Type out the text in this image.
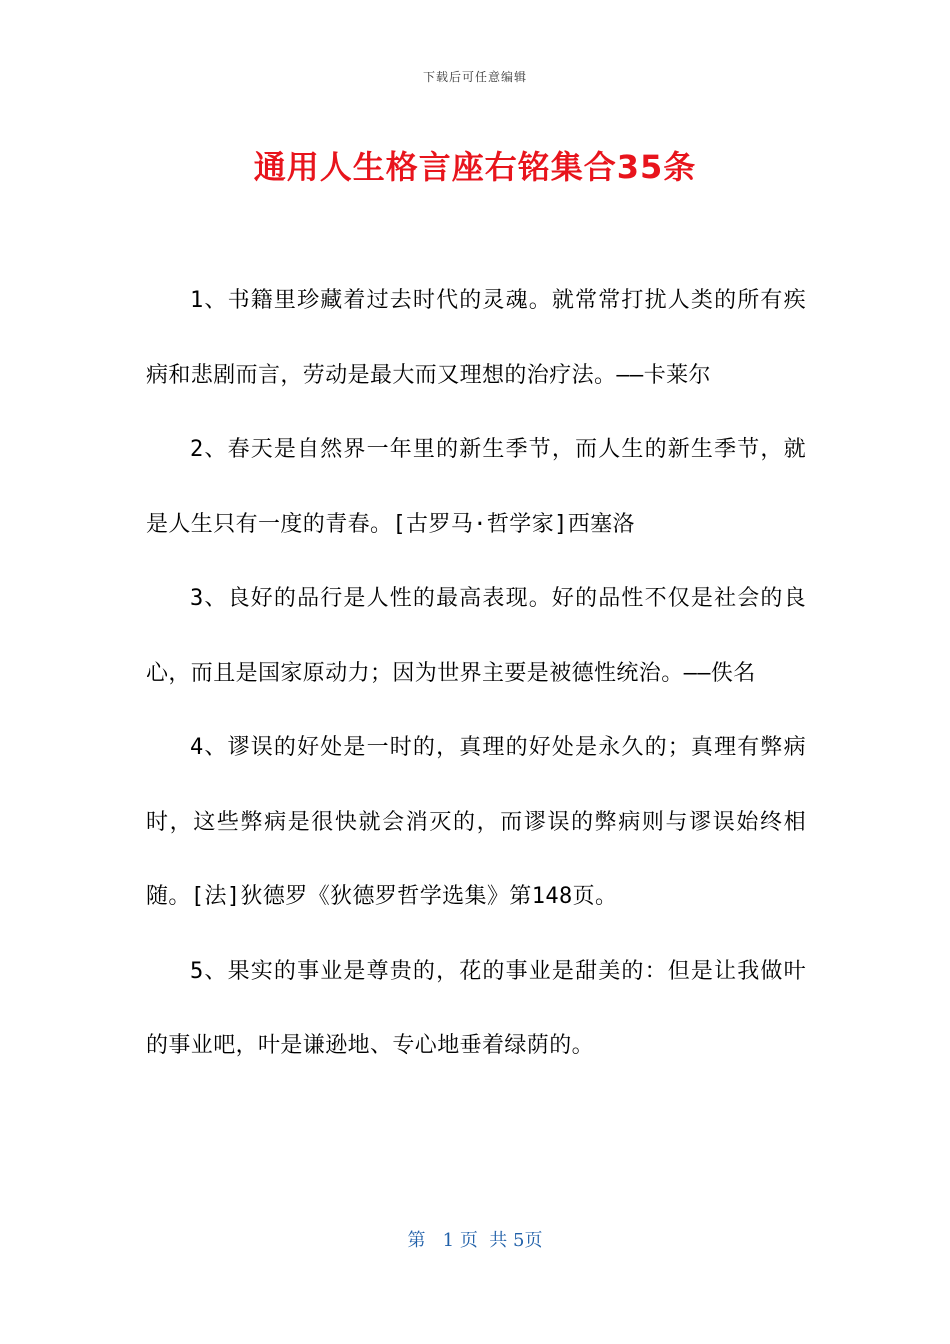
下载后可任意编辑
通用人生格言座右铭集合35条

1、书籍里珍藏着过去时代的灵魂。就常常打扰人类的所有疾病和悲剧而言，劳动是最大而又理想的治疗法。——卡莱尔

2、春天是自然界一年里的新生季节，而人生的新生季节，就是人生只有一度的青春。[古罗马·哲学家]西塞洛

3、良好的品行是人性的最高表现。好的品性不仅是社会的良心，而且是国家原动力；因为世界主要是被德性统治。——佚名

4、谬误的好处是一时的，真理的好处是永久的；真理有弊病时，这些弊病是很快就会消灭的，而谬误的弊病则与谬误始终相随。[法]狄德罗《狄德罗哲学选集》第148页。

5、果实的事业是尊贵的，花的事业是甜美的：但是让我做叶的事业吧，叶是谦逊地、专心地垂着绿荫的。

第   1 页  共 5页
